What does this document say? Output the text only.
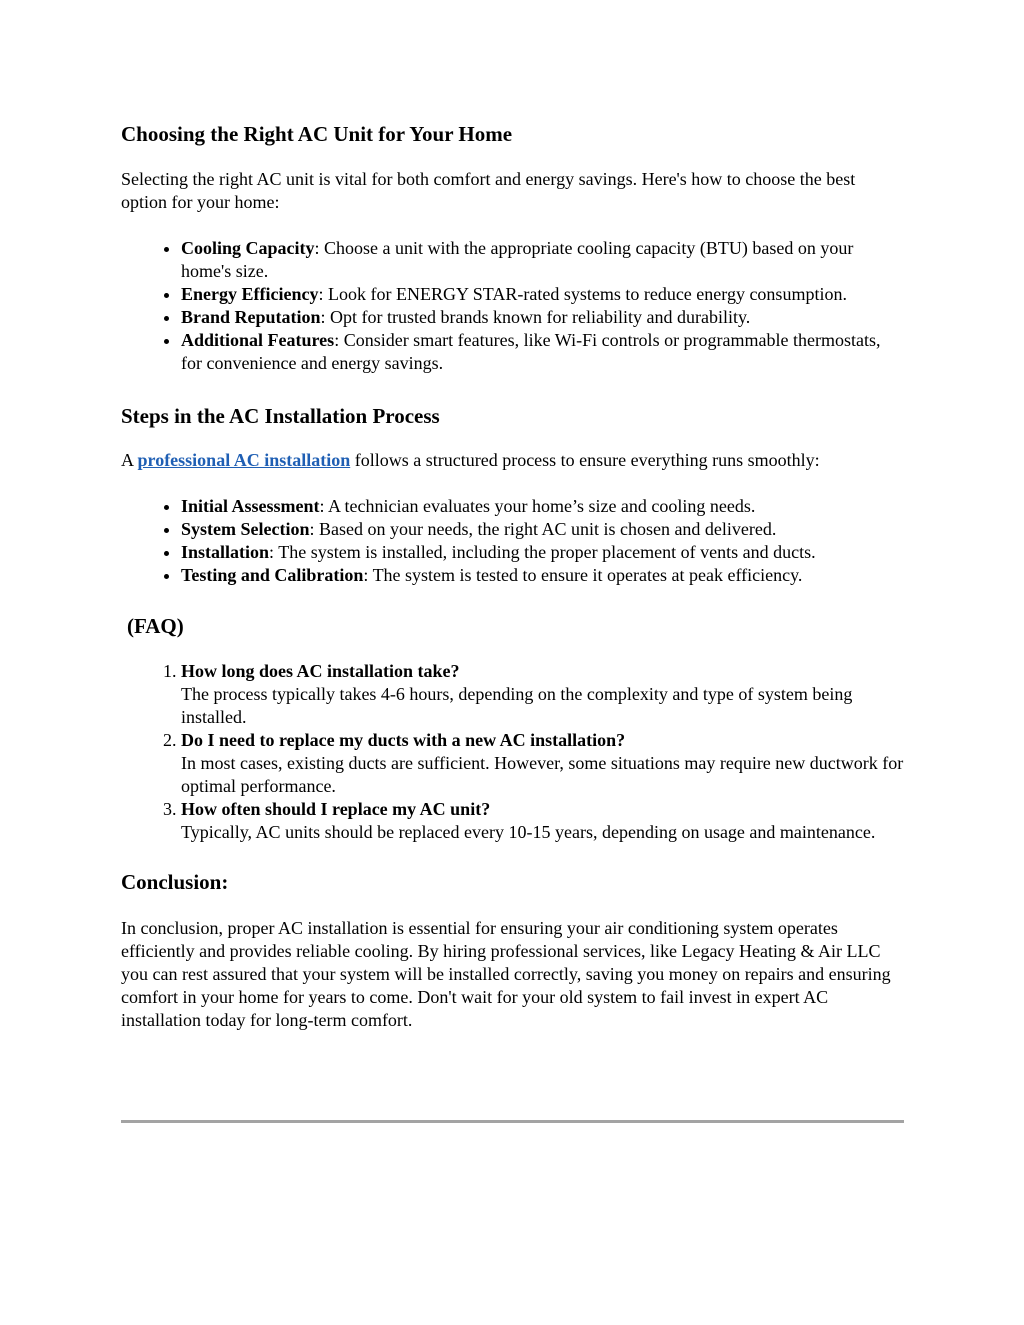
Choosing the Right AC Unit for Your Home

Selecting the right AC unit is vital for both comfort and energy savings. Here's how to choose the best option for your home:

• Cooling Capacity: Choose a unit with the appropriate cooling capacity (BTU) based on your home's size.
• Energy Efficiency: Look for ENERGY STAR-rated systems to reduce energy consumption.
• Brand Reputation: Opt for trusted brands known for reliability and durability.
• Additional Features: Consider smart features, like Wi-Fi controls or programmable thermostats, for convenience and energy savings.
Steps in the AC Installation Process

A professional AC installation follows a structured process to ensure everything runs smoothly:

• Initial Assessment: A technician evaluates your home’s size and cooling needs.
• System Selection: Based on your needs, the right AC unit is chosen and delivered.
• Installation: The system is installed, including the proper placement of vents and ducts.
• Testing and Calibration: The system is tested to ensure it operates at peak efficiency.
(FAQ)
1. How long does AC installation take?
The process typically takes 4-6 hours, depending on the complexity and type of system being installed.
2. Do I need to replace my ducts with a new AC installation?
In most cases, existing ducts are sufficient. However, some situations may require new ductwork for optimal performance.
3. How often should I replace my AC unit?
Typically, AC units should be replaced every 10-15 years, depending on usage and maintenance.
Conclusion:

In conclusion, proper AC installation is essential for ensuring your air conditioning system operates efficiently and provides reliable cooling. By hiring professional services, like Legacy Heating & Air LLC you can rest assured that your system will be installed correctly, saving you money on repairs and ensuring comfort in your home for years to come. Don't wait for your old system to fail invest in expert AC installation today for long-term comfort.
